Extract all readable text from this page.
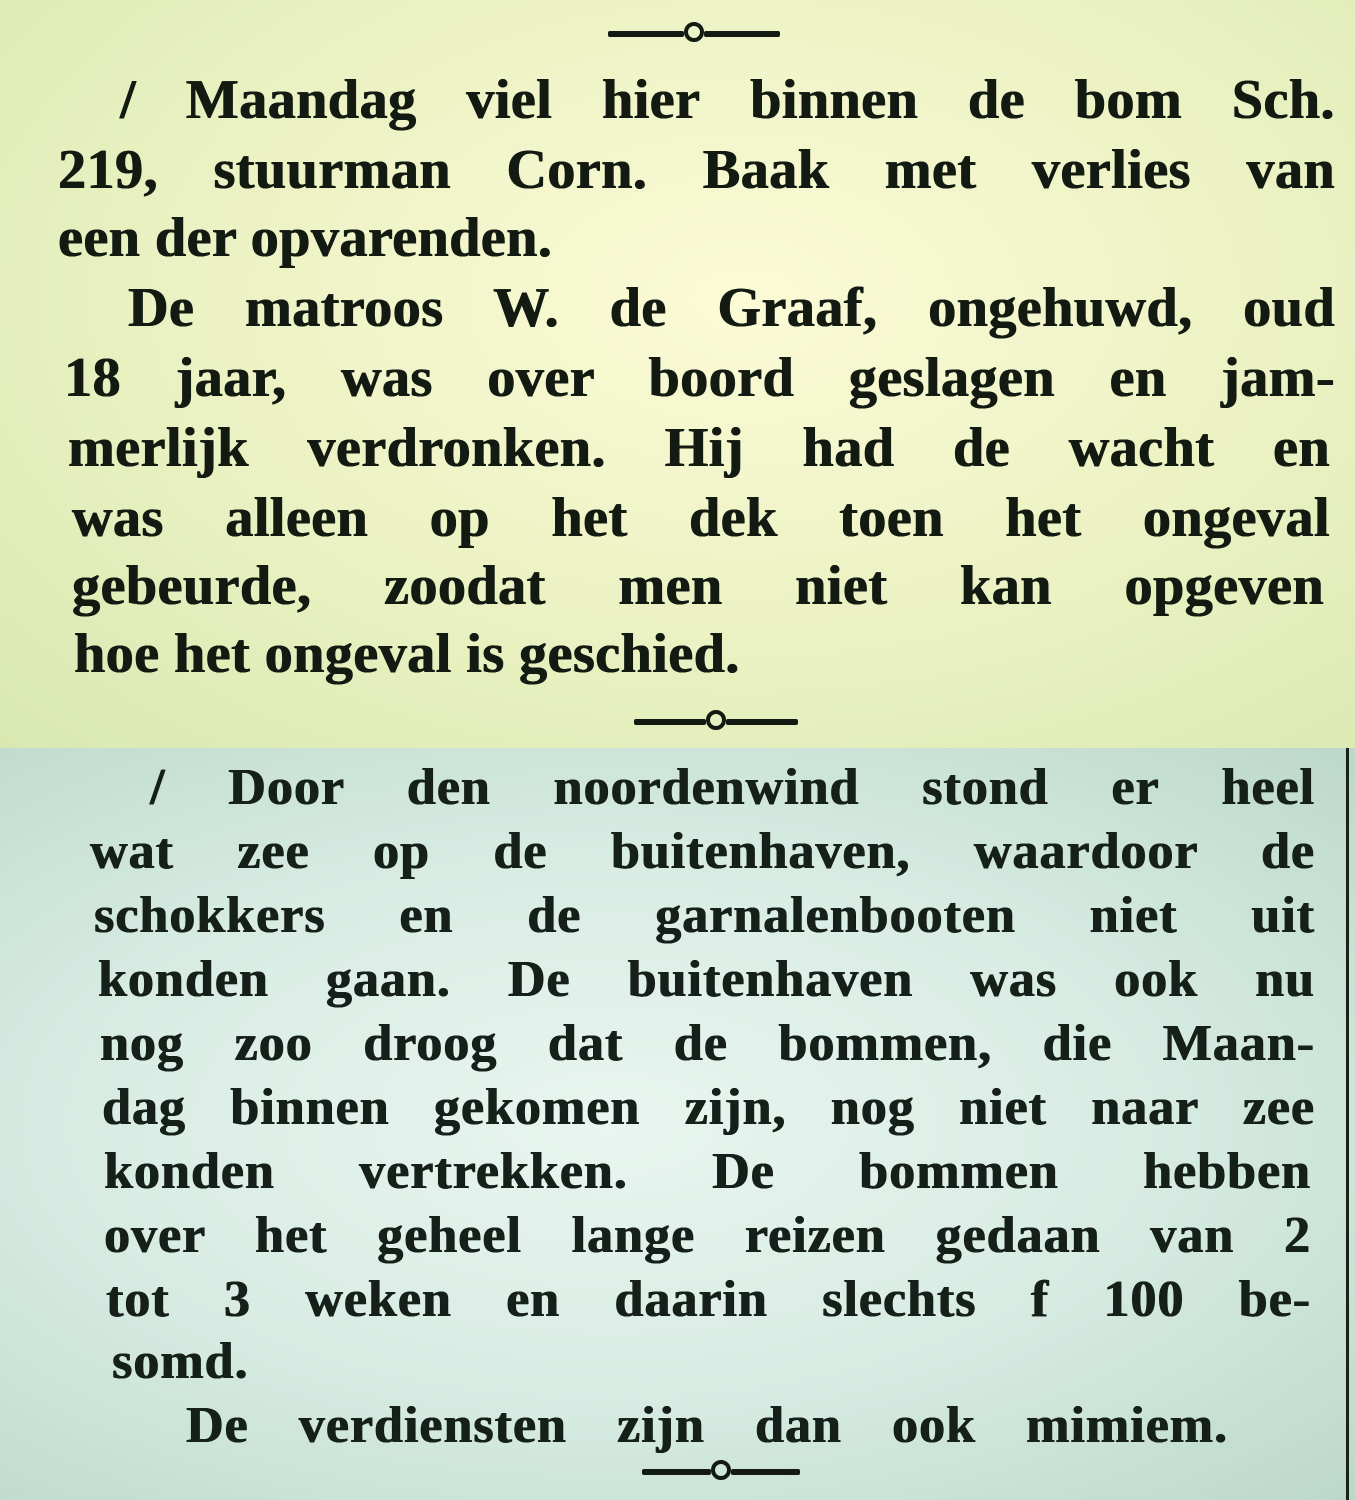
/ Maandag viel hier binnen de bom Sch.
219, stuurman Corn. Baak met verlies van
een der opvarenden.
De matroos W. de Graaf, ongehuwd, oud
18 jaar, was over boord geslagen en jam-
merlijk verdronken. Hij had de wacht en
was alleen op het dek toen het ongeval
gebeurde, zoodat men niet kan opgeven
hoe het ongeval is geschied.
/ Door den noordenwind stond er heel
wat zee op de buitenhaven, waardoor de
schokkers en de garnalenbooten niet uit
konden gaan. De buitenhaven was ook nu
nog zoo droog dat de bommen, die Maan-
dag binnen gekomen zijn, nog niet naar zee
konden vertrekken. De bommen hebben
over het geheel lange reizen gedaan van 2
tot 3 weken en daarin slechts f 100 be-
somd.
De verdiensten zijn dan ook mimiem.
